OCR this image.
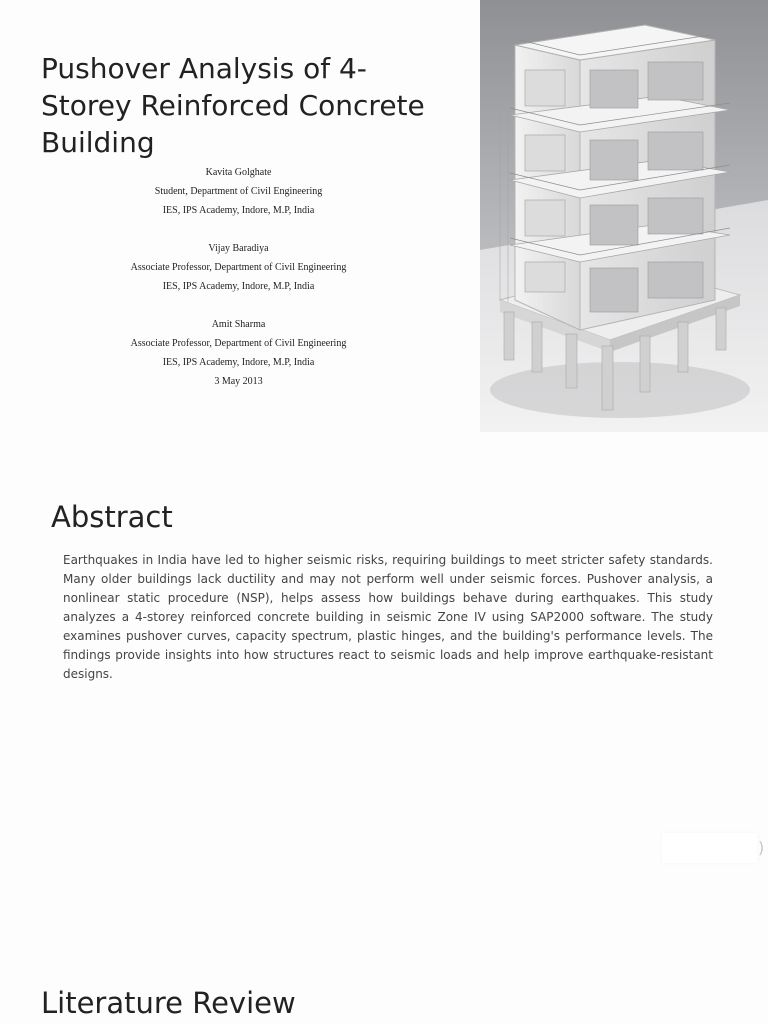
Pushover Analysis of 4-Storey Reinforced Concrete Building
Kavita Golghate
Student, Department of Civil Engineering
IES, IPS Academy, Indore, M.P, India
Vijay Baradiya
Associate Professor, Department of Civil Engineering
IES, IPS Academy, Indore, M.P, India
Amit Sharma
Associate Professor, Department of Civil Engineering
IES, IPS Academy, Indore, M.P, India
3 May 2013
Abstract

Earthquakes in India have led to higher seismic risks, requiring buildings to meet stricter safety standards. Many older buildings lack ductility and may not perform well under seismic forces. Pushover analysis, a nonlinear static procedure (NSP), helps assess how buildings behave during earthquakes. This study analyzes a 4-storey reinforced concrete building in seismic Zone IV using SAP2000 software. The study examines pushover curves, capacity spectrum, plastic hinges, and the building's performance levels. The findings provide insights into how structures react to seismic loads and help improve earthquake-resistant designs.

)
Literature Review
